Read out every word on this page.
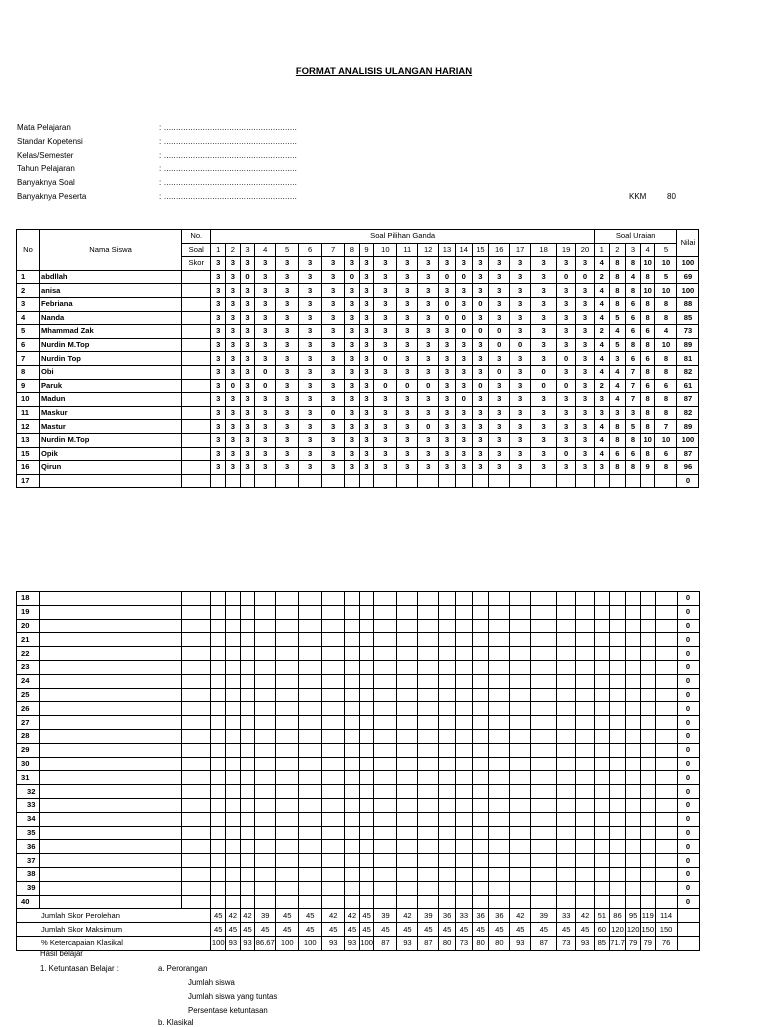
FORMAT ANALISIS ULANGAN HARIAN
Mata Pelajaran	: .......................................................
Standar Kopetensi	: .......................................................
Kelas/Semester	: .......................................................
Tahun Pelajaran	: .......................................................
Banyaknya Soal	: .......................................................
Banyaknya Peserta	: .......................................................	KKM	80
No	Nama Siswa	No.	Soal Pilihan Ganda																				Soal Uraian					Nilai
		Soal	1	2	3	4	5	6	7	8	9	10	11	12	13	14	15	16	17	18	19	20	1	2	3	4	5	
		Skor	3	3	3	3	3	3	3	3	3	3	3	3	3	3	3	3	3	3	3	3	4	8	8	10	10	100
1	abdllah		3	3	0	3	3	3	3	0	3	3	3	3	0	0	3	3	3	3	0	0	2	8	4	8	5	69
2	anisa		3	3	3	3	3	3	3	3	3	3	3	3	3	3	3	3	3	3	3	3	4	8	8	10	10	100
3	Febriana		3	3	3	3	3	3	3	3	3	3	3	3	0	3	0	3	3	3	3	3	4	8	6	8	8	88
4	Nanda		3	3	3	3	3	3	3	3	3	3	3	3	0	0	3	3	3	3	3	3	4	5	6	8	8	85
5	Mhammad Zak		3	3	3	3	3	3	3	3	3	3	3	3	3	0	0	0	3	3	3	3	2	4	6	6	4	73
6	Nurdin M.Top		3	3	3	3	3	3	3	3	3	3	3	3	3	3	3	0	0	3	3	3	4	5	8	8	10	89
7	Nurdin Top		3	3	3	3	3	3	3	3	3	0	3	3	3	3	3	3	3	3	0	3	4	3	6	6	8	81
8	Obi		3	3	3	0	3	3	3	3	3	3	3	3	3	3	3	0	3	0	3	3	4	4	7	8	8	82
9	Paruk		3	0	3	0	3	3	3	3	3	0	0	0	3	3	0	3	3	0	0	3	2	4	7	6	6	61
10	Madun		3	3	3	3	3	3	3	3	3	3	3	3	3	0	3	3	3	3	3	3	3	4	7	8	8	87
11	Maskur		3	3	3	3	3	3	0	3	3	3	3	3	3	3	3	3	3	3	3	3	3	3	3	8	8	82
12	Mastur		3	3	3	3	3	3	3	3	3	3	3	0	3	3	3	3	3	3	3	3	4	8	5	8	7	89
13	Nurdin M.Top		3	3	3	3	3	3	3	3	3	3	3	3	3	3	3	3	3	3	3	3	4	8	8	10	10	100
15	Opik		3	3	3	3	3	3	3	3	3	3	3	3	3	3	3	3	3	3	0	3	4	6	6	8	6	87
16	Qirun		3	3	3	3	3	3	3	3	3	3	3	3	3	3	3	3	3	3	3	3	3	8	8	9	8	96
17																												0
18																												0
19																												0
20																												0
21																												0
22																												0
23																												0
24																												0
25																												0
26																												0
27																												0
28																												0
29																												0
30																												0
31																												0
32																												0
33																												0
34																												0
35																												0
36																												0
37																												0
38																												0
39																												0
40																												0
Jumlah Skor Perolehan			45	42	42	39	45	45	42	42	45	39	42	39	36	33	36	36	42	39	33	42	51	86	95	119	114	
Jumlah Skor Maksimum			45	45	45	45	45	45	45	45	45	45	45	45	45	45	45	45	45	45	45	45	60	120	120	150	150	
% Ketercapaian Klasikal			100	93	93	86.67	100	100	93	93	100	87	93	87	80	73	80	80	93	87	73	93	85	71.7	79	79	76	
Hasil belajar
1. Ketuntasan Belajar :	a. Perorangan
Jumlah siswa
Jumlah siswa yang tuntas
Persentase ketuntasan
b. Klasikal
